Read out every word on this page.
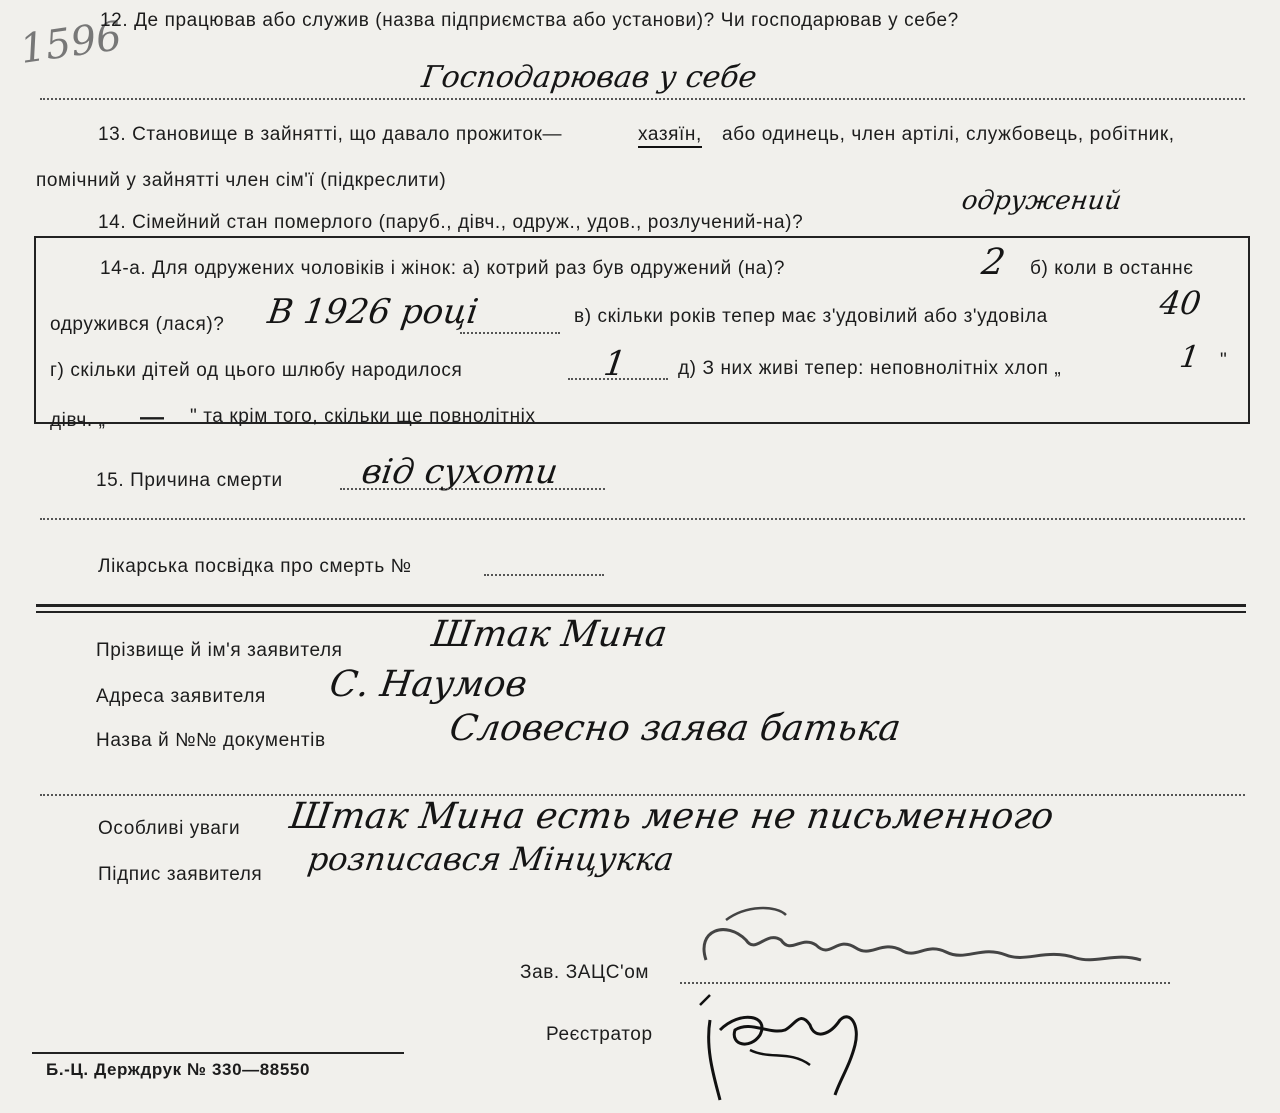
1596
12. Де працював або служив (назва підприємства або установи)? Чи господарював у себе?
Господарював у себе
13. Становище в зайнятті, що давало прожиток—	хазяїн, або одинець, член артілі, службовець, робітник,
помічний у зайнятті член сім'ї (підкреслити)
14. Сімейний стан померлого (паруб., дівч., одруж., удов., розлучений-на)?
одружений
14-а. Для одружених чоловіків і жінок: а) котрий раз був одружений (на)?	2 б) коли в останнє
одружився (лася)? В 1926 році	в) скільки років тепер має з'удовілий або з'удовіла	40
г) скільки дітей од цього шлюбу народилося	1	д) З них живі тепер: неповнолітніх хлоп „	1 "
дівч. „ — " та крім того, скільки ще повнолітніх
15. Причина смерти від сухоти
Лікарська посвідка про смерть №
Прізвище й ім'я заявителя Штак Мина
Адреса заявителя С. Наумов
Назва й №№ документів	Словесно заява батька
Особливі уваги Штак Мина есть мене не письменного
Підпис заявителя розписався Мінцукка
Зав. ЗАЦС'ом
Реєстратор
Б.-Ц. Держдрук № 330—88550
